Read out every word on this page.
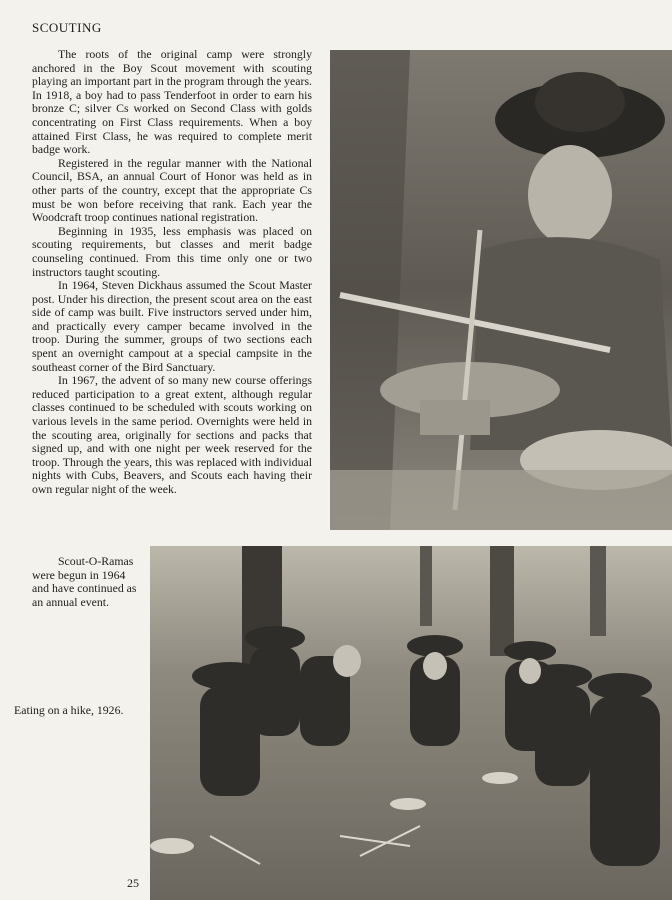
SCOUTING

The roots of the original camp were strongly anchored in the Boy Scout movement with scouting playing an important part in the program through the years. In 1918, a boy had to pass Tenderfoot in order to earn his bronze C; silver Cs worked on Second Class with golds concentrating on First Class requirements. When a boy attained First Class, he was required to complete merit badge work.

Registered in the regular manner with the National Council, BSA, an annual Court of Honor was held as in other parts of the country, except that the appropriate Cs must be won before receiving that rank. Each year the Woodcraft troop continues national registration.

Beginning in 1935, less emphasis was placed on scouting requirements, but classes and merit badge counseling continued. From this time only one or two instructors taught scouting.

In 1964, Steven Dickhaus assumed the Scout Master post. Under his direction, the present scout area on the east side of camp was built. Five instructors served under him, and practically every camper became involved in the troop. During the summer, groups of two sections each spent an overnight campout at a special campsite in the southeast corner of the Bird Sanctuary.

In 1967, the advent of so many new course offerings reduced participation to a great extent, although regular classes continued to be scheduled with scouts working on various levels in the same period. Overnights were held in the scouting area, originally for sections and packs that signed up, and with one night per week reserved for the troop. Through the years, this was replaced with individual nights with Cubs, Beavers, and Scouts each having their own regular night of the week.

Scout-O-Ramas were begun in 1964 and have continued as an annual event.

Eating on a hike, 1926.
25
